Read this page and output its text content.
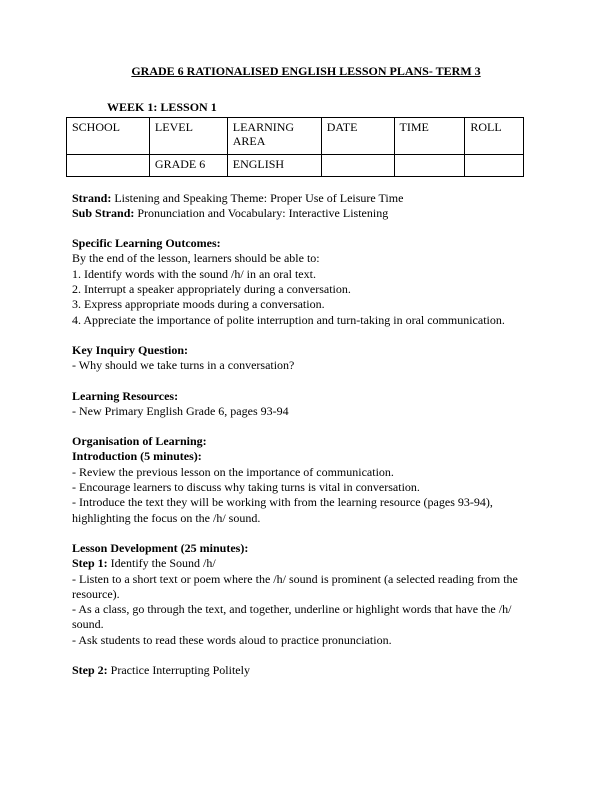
GRADE 6 RATIONALISED ENGLISH LESSON PLANS- TERM 3

WEEK 1: LESSON 1

SCHOOL	LEVEL	LEARNING AREA	DATE	TIME	ROLL
	GRADE 6	ENGLISH			

Strand: Listening and Speaking Theme: Proper Use of Leisure Time

Sub Strand: Pronunciation and Vocabulary: Interactive Listening

Specific Learning Outcomes:

By the end of the lesson, learners should be able to:

1. Identify words with the sound /h/ in an oral text.

2. Interrupt a speaker appropriately during a conversation.

3. Express appropriate moods during a conversation.

4. Appreciate the importance of polite interruption and turn-taking in oral communication.

Key Inquiry Question:

- Why should we take turns in a conversation?

Learning Resources:

- New Primary English Grade 6, pages 93-94

Organisation of Learning:

Introduction (5 minutes):

- Review the previous lesson on the importance of communication.

- Encourage learners to discuss why taking turns is vital in conversation.

- Introduce the text they will be working with from the learning resource (pages 93-94), highlighting the focus on the /h/ sound.

Lesson Development (25 minutes):

Step 1: Identify the Sound /h/

- Listen to a short text or poem where the /h/ sound is prominent (a selected reading from the resource).

- As a class, go through the text, and together, underline or highlight words that have the /h/ sound.

- Ask students to read these words aloud to practice pronunciation.

Step 2: Practice Interrupting Politely
